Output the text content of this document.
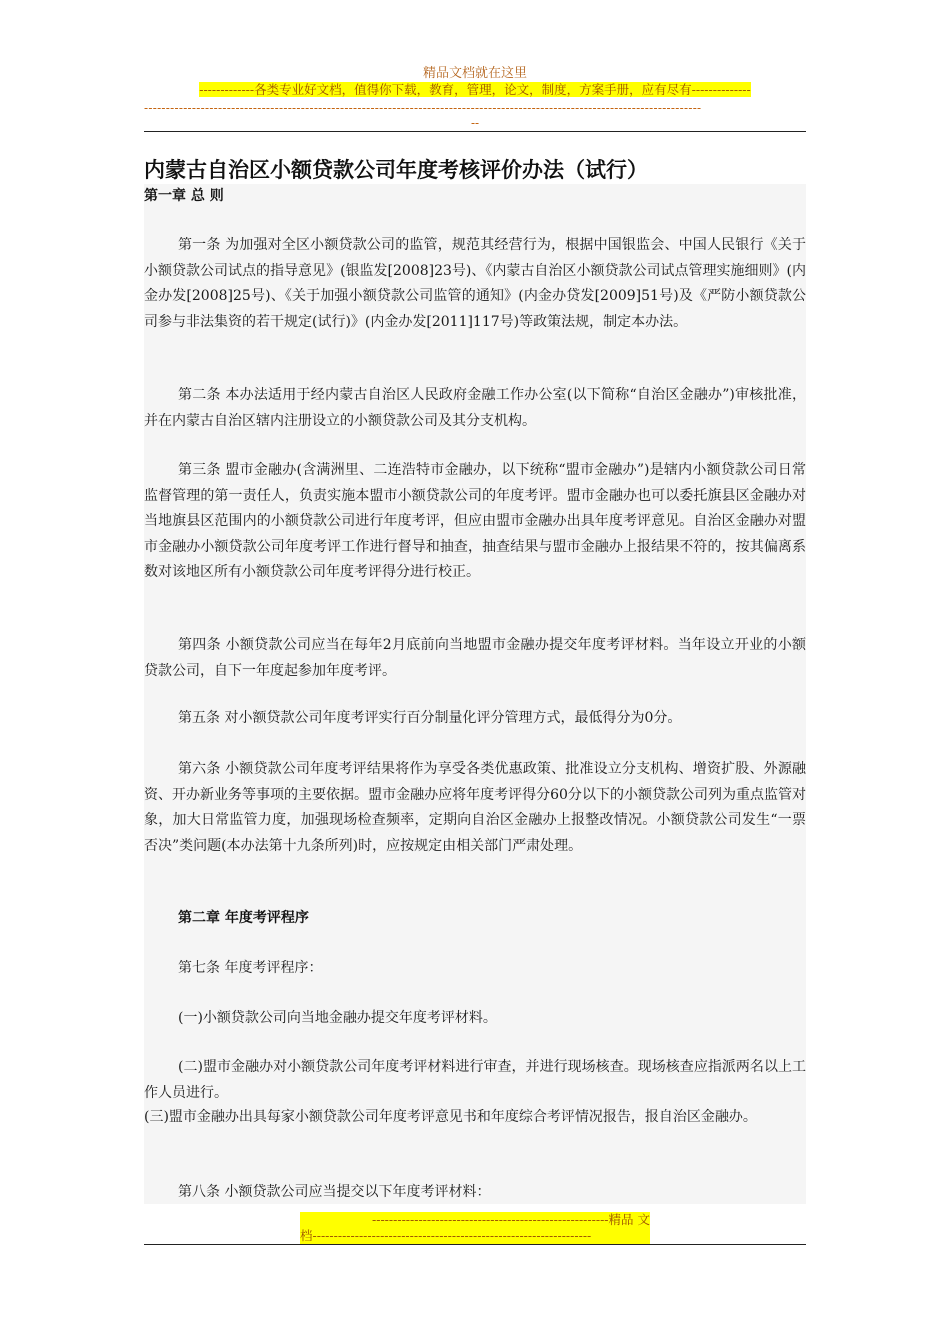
精品文档就在这里
-------------各类专业好文档，值得你下载，教育，管理，论文，制度，方案手册，应有尽有--------------
--------------------------------------------------------------------------------------------------------------------------------
--
内蒙古自治区小额贷款公司年度考核评价办法（试行）
第一章 总 则

第一条 为加强对全区小额贷款公司的监管，规范其经营行为，根据中国银监会、中国人民银行《关于小额贷款公司试点的指导意见》(银监发[2008]23号)、《内蒙古自治区小额贷款公司试点管理实施细则》(内金办发[2008]25号)、《关于加强小额贷款公司监管的通知》(内金办贷发[2009]51号)及《严防小额贷款公司参与非法集资的若干规定(试行)》(内金办发[2011]117号)等政策法规，制定本办法。

第二条 本办法适用于经内蒙古自治区人民政府金融工作办公室(以下简称“自治区金融办”)审核批准，并在内蒙古自治区辖内注册设立的小额贷款公司及其分支机构。

第三条 盟市金融办(含满洲里、二连浩特市金融办，以下统称“盟市金融办”)是辖内小额贷款公司日常监督管理的第一责任人，负责实施本盟市小额贷款公司的年度考评。盟市金融办也可以委托旗县区金融办对当地旗县区范围内的小额贷款公司进行年度考评，但应由盟市金融办出具年度考评意见。自治区金融办对盟市金融办小额贷款公司年度考评工作进行督导和抽查，抽查结果与盟市金融办上报结果不符的，按其偏离系数对该地区所有小额贷款公司年度考评得分进行校正。

第四条 小额贷款公司应当在每年2月底前向当地盟市金融办提交年度考评材料。当年设立开业的小额贷款公司，自下一年度起参加年度考评。

第五条 对小额贷款公司年度考评实行百分制量化评分管理方式，最低得分为0分。

第六条 小额贷款公司年度考评结果将作为享受各类优惠政策、批准设立分支机构、增资扩股、外源融资、开办新业务等事项的主要依据。盟市金融办应将年度考评得分60分以下的小额贷款公司列为重点监管对象，加大日常监管力度，加强现场检查频率，定期向自治区金融办上报整改情况。小额贷款公司发生“一票否决”类问题(本办法第十九条所列)时，应按规定由相关部门严肃处理。

第二章 年度考评程序

第七条 年度考评程序：

(一)小额贷款公司向当地金融办提交年度考评材料。

(二)盟市金融办对小额贷款公司年度考评材料进行审查，并进行现场核查。现场核查应指派两名以上工作人员进行。

(三)盟市金融办出具每家小额贷款公司年度考评意见书和年度综合考评情况报告，报自治区金融办。

第八条 小额贷款公司应当提交以下年度考评材料：

--------------------------------------------------------精品 文
档------------------------------------------------------------------
